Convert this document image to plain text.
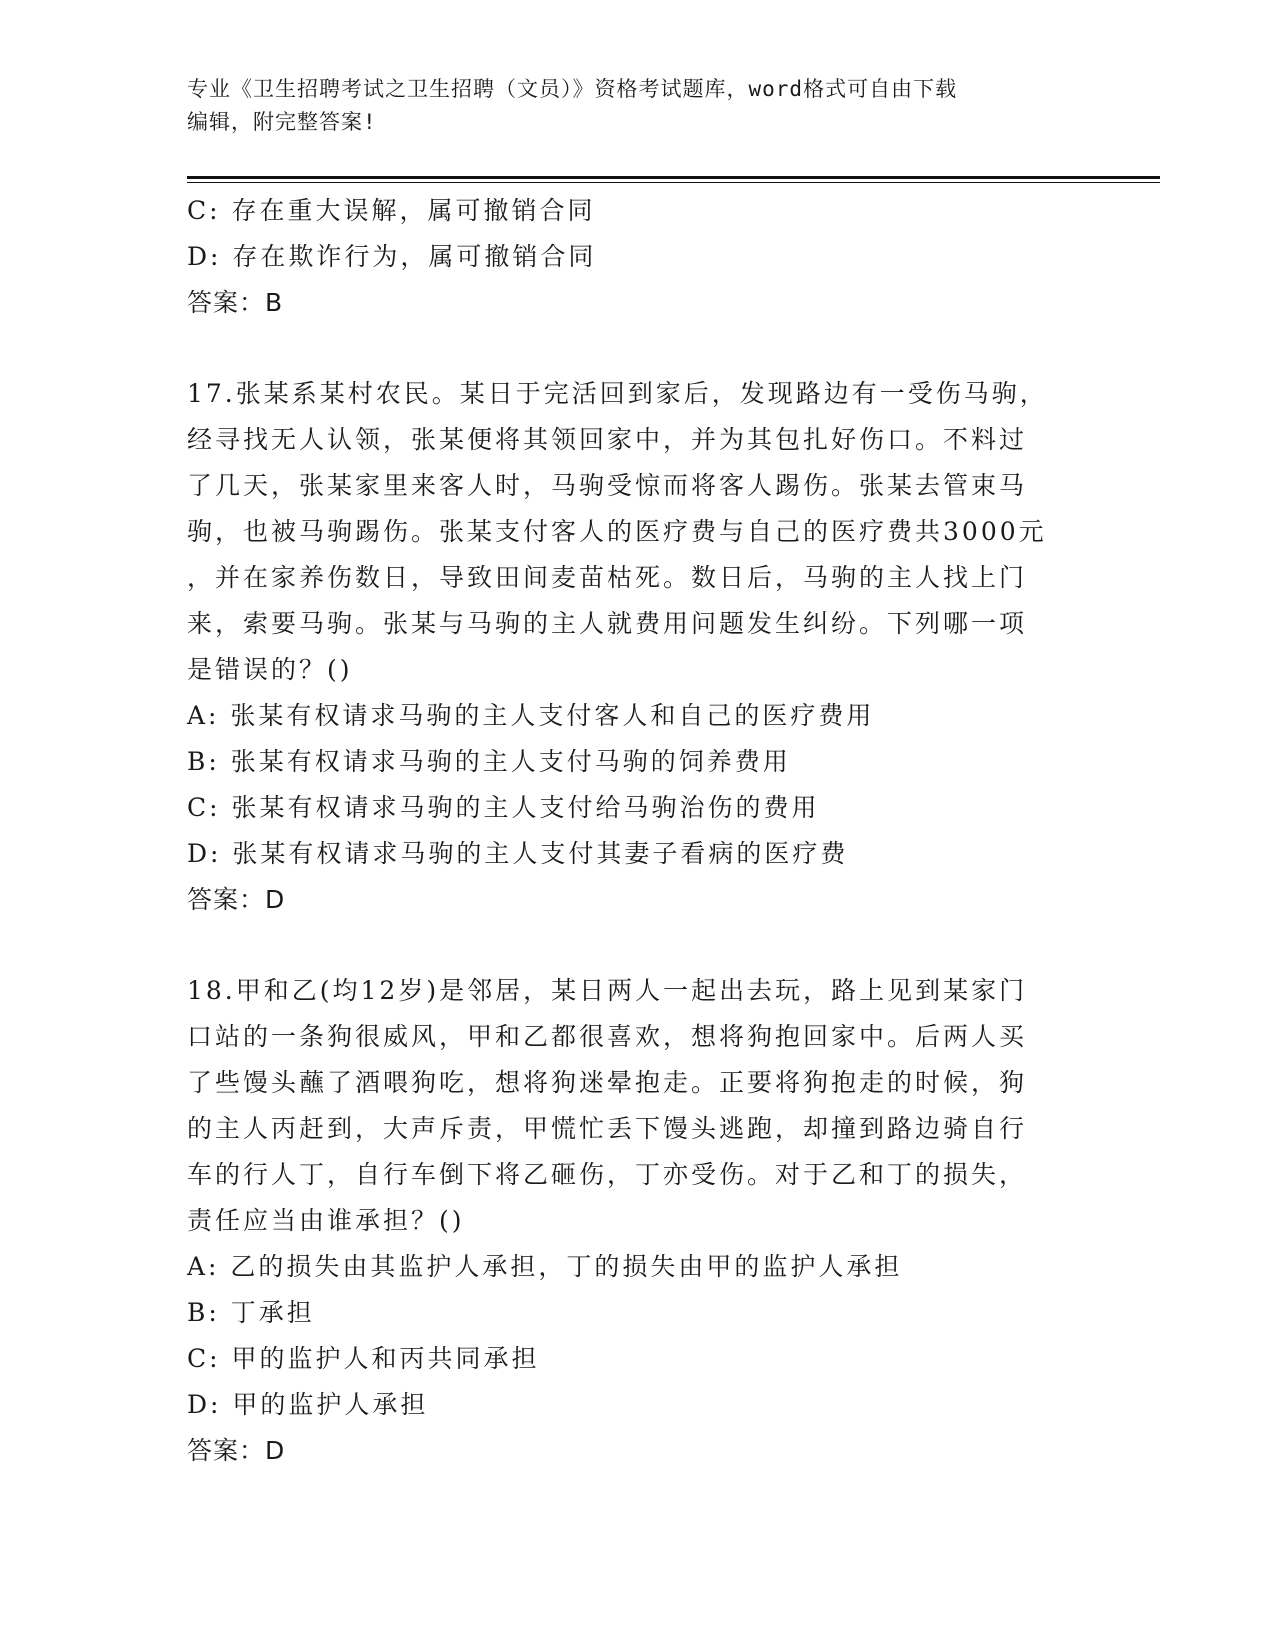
专业《卫生招聘考试之卫生招聘（文员）》资格考试题库，word格式可自由下载
编辑，附完整答案!
C: 存在重大误解，属可撤销合同
D: 存在欺诈行为，属可撤销合同
答案：B
17.张某系某村农民。某日于完活回到家后，发现路边有一受伤马驹，
经寻找无人认领，张某便将其领回家中，并为其包扎好伤口。不料过
了几天，张某家里来客人时，马驹受惊而将客人踢伤。张某去管束马
驹，也被马驹踢伤。张某支付客人的医疗费与自己的医疗费共3000元
，并在家养伤数日，导致田间麦苗枯死。数日后，马驹的主人找上门
来，索要马驹。张某与马驹的主人就费用问题发生纠纷。下列哪一项
是错误的？()
A: 张某有权请求马驹的主人支付客人和自己的医疗费用
B: 张某有权请求马驹的主人支付马驹的饲养费用
C: 张某有权请求马驹的主人支付给马驹治伤的费用
D: 张某有权请求马驹的主人支付其妻子看病的医疗费
答案：D
18.甲和乙(均12岁)是邻居，某日两人一起出去玩，路上见到某家门
口站的一条狗很威风，甲和乙都很喜欢，想将狗抱回家中。后两人买
了些馒头蘸了酒喂狗吃，想将狗迷晕抱走。正要将狗抱走的时候，狗
的主人丙赶到，大声斥责，甲慌忙丢下馒头逃跑，却撞到路边骑自行
车的行人丁，自行车倒下将乙砸伤，丁亦受伤。对于乙和丁的损失，
责任应当由谁承担？()
A: 乙的损失由其监护人承担，丁的损失由甲的监护人承担
B: 丁承担
C: 甲的监护人和丙共同承担
D: 甲的监护人承担
答案：D
